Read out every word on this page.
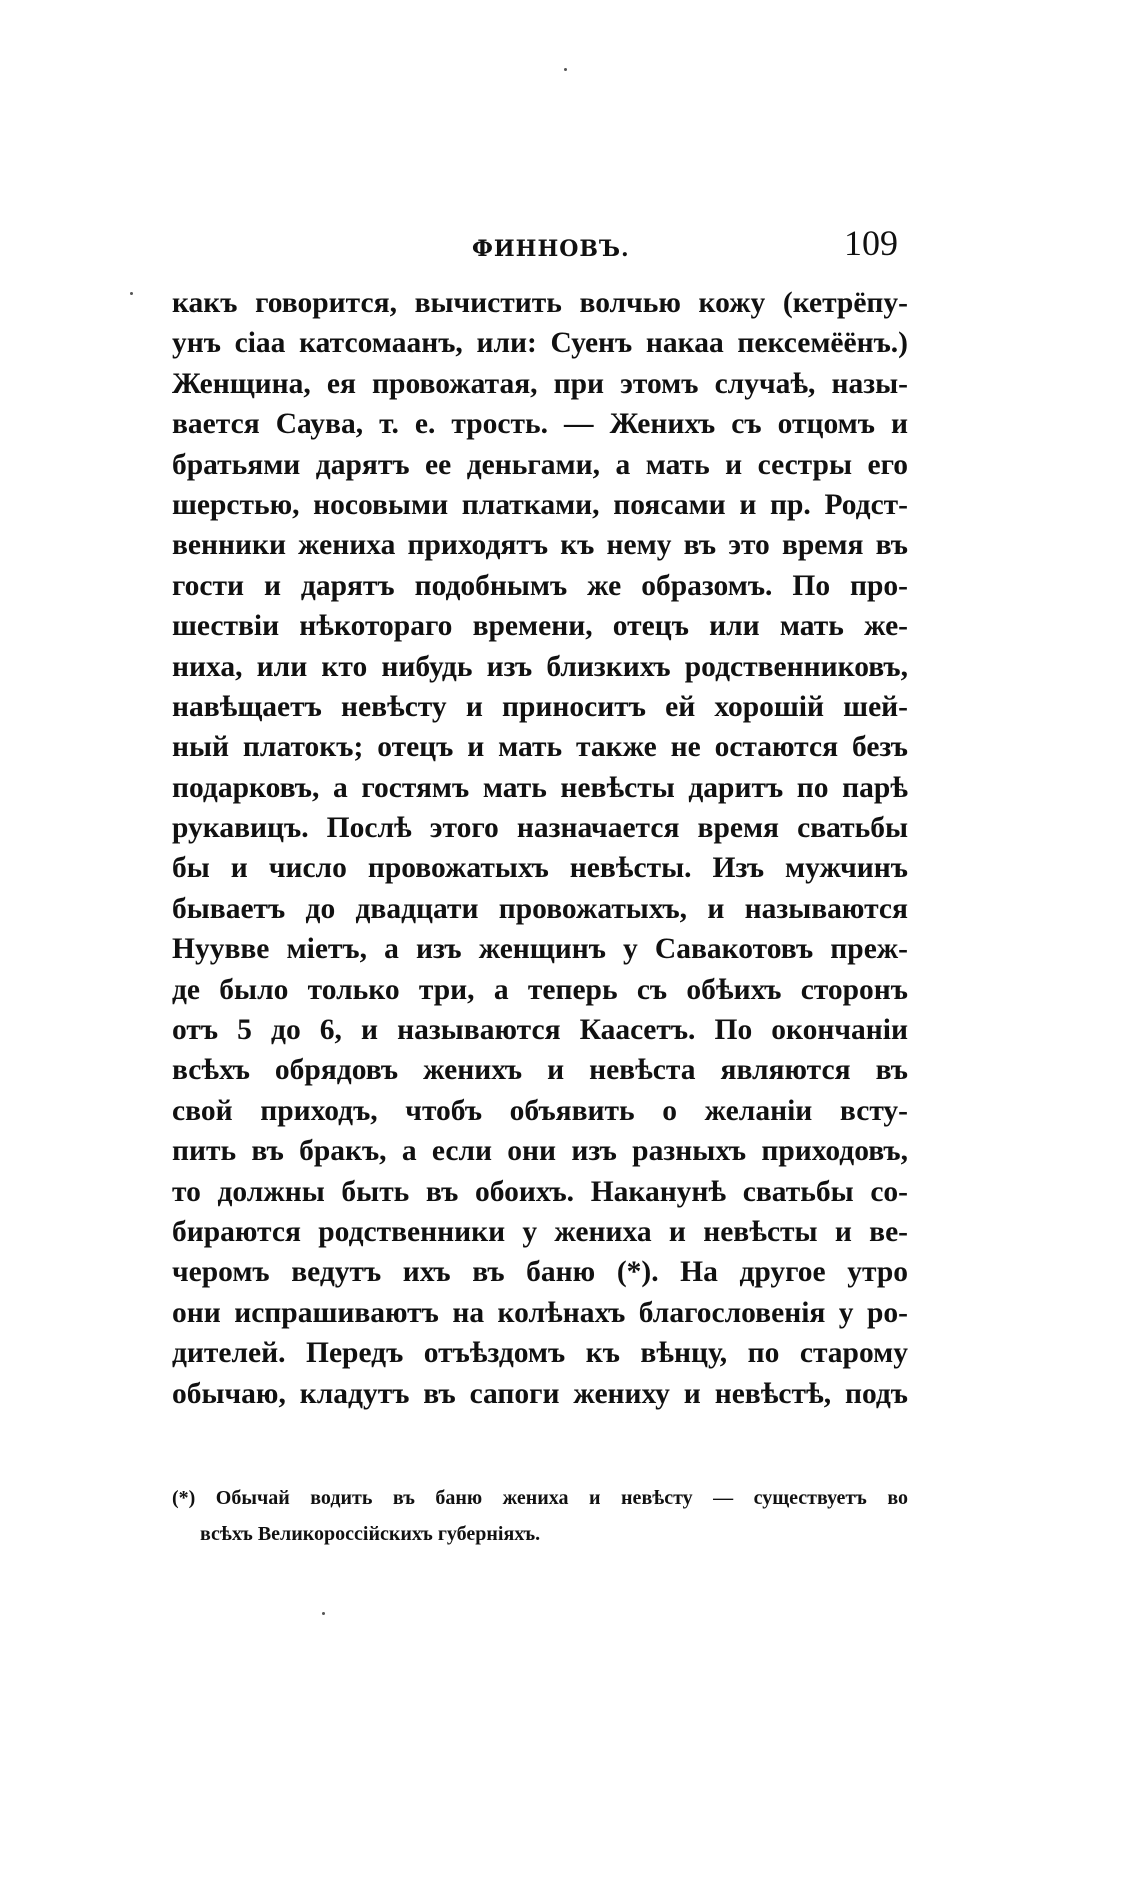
ФИННОВЪ.	109
какъ говорится, вычистить волчью кожу (кетрёпу-
унъ сіаа катсомаанъ, или: Суенъ накаа пексемёёнъ.)
Женщина, ея провожатая, при этомъ случаѣ, назы-
вается Саува, т. е. трость. — Женихъ съ отцомъ и
братьями дарятъ ее деньгами, а мать и сестры его
шерстью, носовыми платками, поясами и пр. Родст-
венники жениха приходятъ къ нему въ это время въ
гости и дарятъ подобнымъ же образомъ. По про-
шествіи нѣкотораго времени, отецъ или мать же-
ниха, или кто нибудь изъ близкихъ родственниковъ,
навѣщаетъ невѣсту и приноситъ ей хорошій шей-
ный платокъ; отецъ и мать также не остаются безъ
подарковъ, а гостямъ мать невѣсты даритъ по парѣ
рукавицъ. Послѣ этого назначается время сватьбы
бы и число провожатыхъ невѣсты. Изъ мужчинъ
бываетъ до двадцати провожатыхъ, и называются
Нуувве міетъ, а изъ женщинъ у Савакотовъ преж-
де было только три, а теперь съ обѣихъ сторонъ
отъ 5 до 6, и называются Кааcетъ. По окончаніи
всѣхъ обрядовъ женихъ и невѣста являются въ
свой приходъ, чтобъ объявить о желаніи всту-
пить въ бракъ, а если они изъ разныхъ приходовъ,
то должны быть въ обоихъ. Наканунѣ сватьбы со-
бираются родственники у жениха и невѣсты и ве-
черомъ ведутъ ихъ въ баню (*). На другое утро
они испрашиваютъ на колѣнахъ благословенія у ро-
дителей. Передъ отъѣздомъ къ вѣнцу, по старому
обычаю, кладутъ въ сапоги жениху и невѣстѣ, подъ
(*) Обычай водить въ баню жениха и невѣсту — существуетъ во
всѣхъ Великороссійскихъ губерніяхъ.
